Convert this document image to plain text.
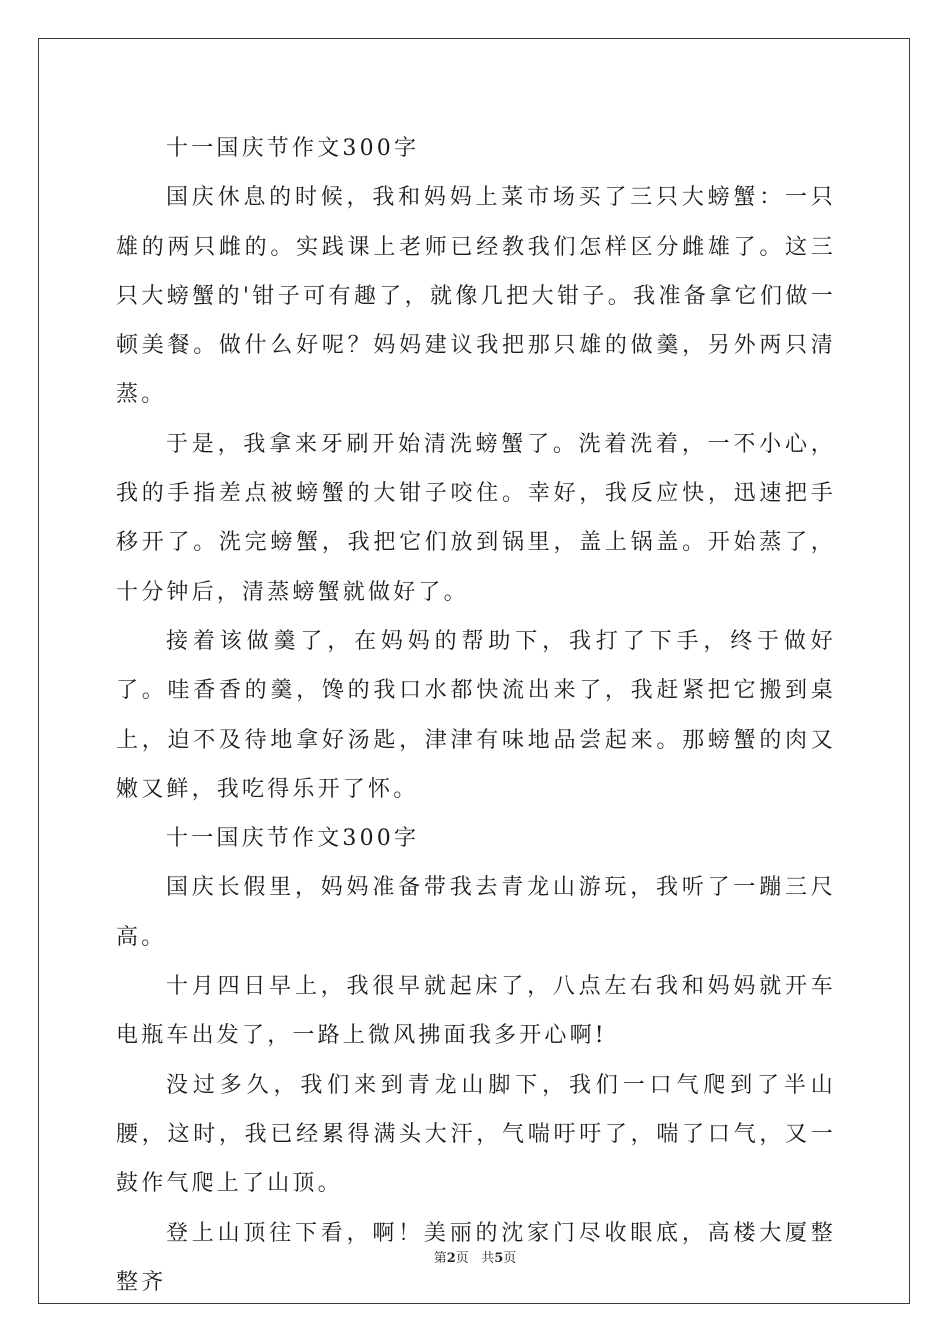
十一国庆节作文300字

国庆休息的时候，我和妈妈上菜市场买了三只大螃蟹：一只雄的两只雌的。实践课上老师已经教我们怎样区分雌雄了。这三只大螃蟹的'钳子可有趣了，就像几把大钳子。我准备拿它们做一顿美餐。做什么好呢？妈妈建议我把那只雄的做羹，另外两只清蒸。

于是，我拿来牙刷开始清洗螃蟹了。洗着洗着，一不小心，我的手指差点被螃蟹的大钳子咬住。幸好，我反应快，迅速把手移开了。洗完螃蟹，我把它们放到锅里，盖上锅盖。开始蒸了，十分钟后，清蒸螃蟹就做好了。

接着该做羹了，在妈妈的帮助下，我打了下手，终于做好了。哇香香的羹，馋的我口水都快流出来了，我赶紧把它搬到桌上，迫不及待地拿好汤匙，津津有味地品尝起来。那螃蟹的肉又嫩又鲜，我吃得乐开了怀。

十一国庆节作文300字

国庆长假里，妈妈准备带我去青龙山游玩，我听了一蹦三尺高。

十月四日早上，我很早就起床了，八点左右我和妈妈就开车电瓶车出发了，一路上微风拂面我多开心啊!

没过多久，我们来到青龙山脚下，我们一口气爬到了半山腰，这时，我已经累得满头大汗，气喘吁吁了，喘了口气，又一鼓作气爬上了山顶。

登上山顶往下看，啊！美丽的沈家门尽收眼底，高楼大厦整整齐

第2页 共5页
